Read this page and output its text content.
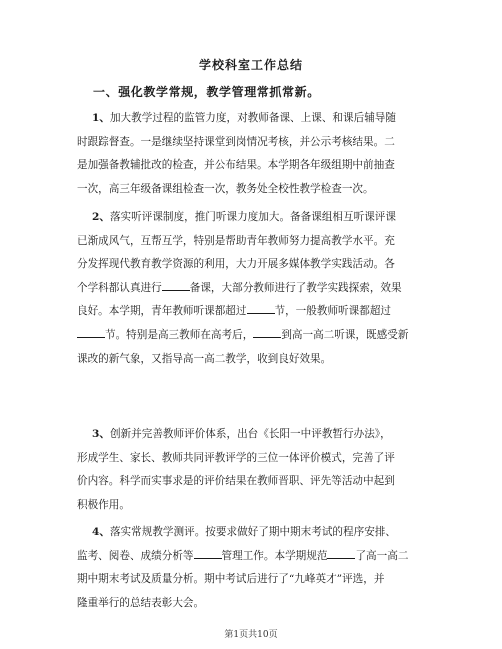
学校科室工作总结
一、强化教学常规，教学管理常抓常新。
1、加大教学过程的监管力度，对教师备课、上课、和课后辅导随
时跟踪督查。一是继续坚持课堂到岗情况考核，并公示考核结果。二
是加强备教辅批改的检查，并公布结果。本学期各年级组期中前抽查
一次，高三年级备课组检查一次，教务处全校性教学检查一次。
2、落实听评课制度，推门听课力度加大。备备课组相互听课评课
已渐成风气，互帮互学，特别是帮助青年教师努力提高教学水平。充
分发挥现代教育教学资源的利用，大力开展多媒体教学实践活动。各
个学科都认真进行	备课，大部分教师进行了教学实践探索，效果
良好。本学期，青年教师听课都超过	节，一般教师听课都超过
节。特别是高三教师在高考后，	到高一高二听课，既感受新
课改的新气象，又指导高一高二教学，收到良好效果。
3、创新并完善教师评价体系，出台《长阳一中评教暂行办法》，
形成学生、家长、教师共同评教评学的三位一体评价模式，完善了评
价内容。科学而实事求是的评价结果在教师晋职、评先等活动中起到
积极作用。
4、落实常规教学测评。按要求做好了期中期末考试的程序安排、
监考、阅卷、成绩分析等	管理工作。本学期规范	了高一高二
期中期末考试及质量分析。期中考试后进行了“九峰英才”评选，并
隆重举行的总结表彰大会。
第1页共10页
